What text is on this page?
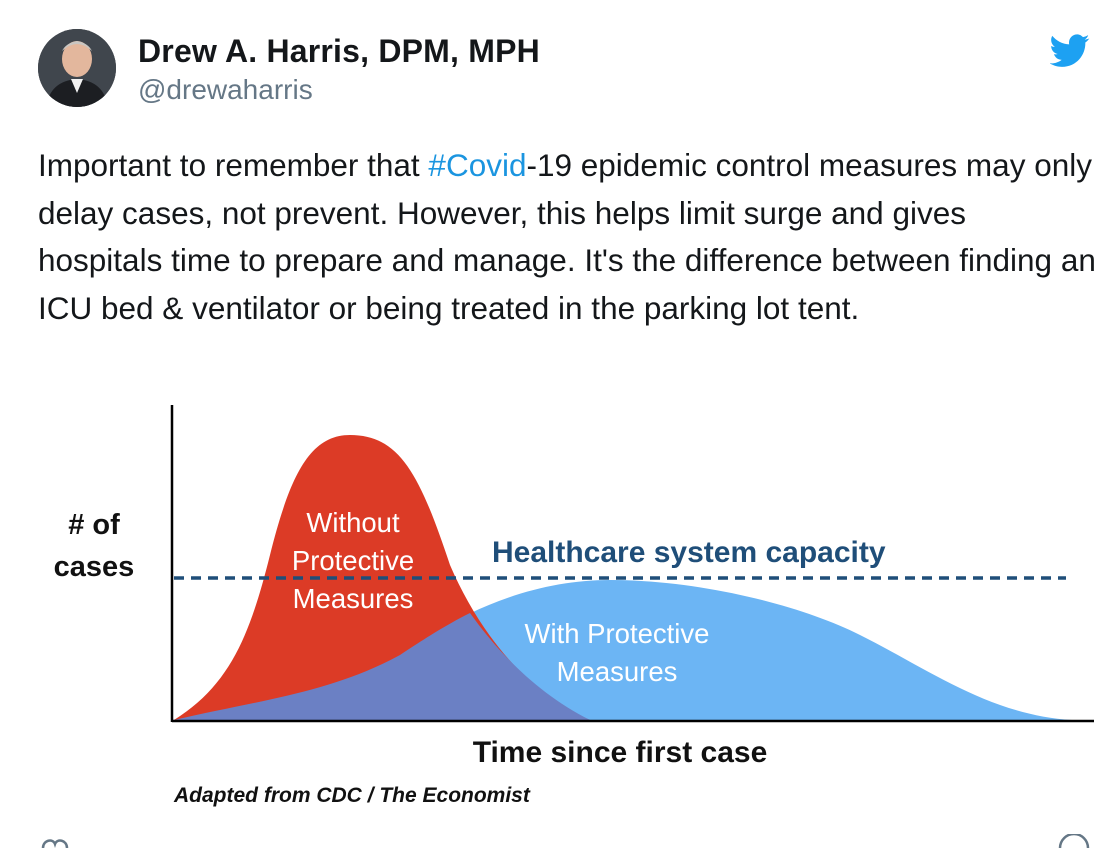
Drew A. Harris, DPM, MPH
@drewaharris
Important to remember that #Covid-19 epidemic control measures may only delay cases, not prevent. However, this helps limit surge and gives hospitals time to prepare and manage. It's the difference between finding an ICU bed & ventilator or being treated in the parking lot tent.
# of cases	Healthcare system capacity
Without Protective Measures
With Protective Measures
Time since first case
Adapted from CDC / The Economist
